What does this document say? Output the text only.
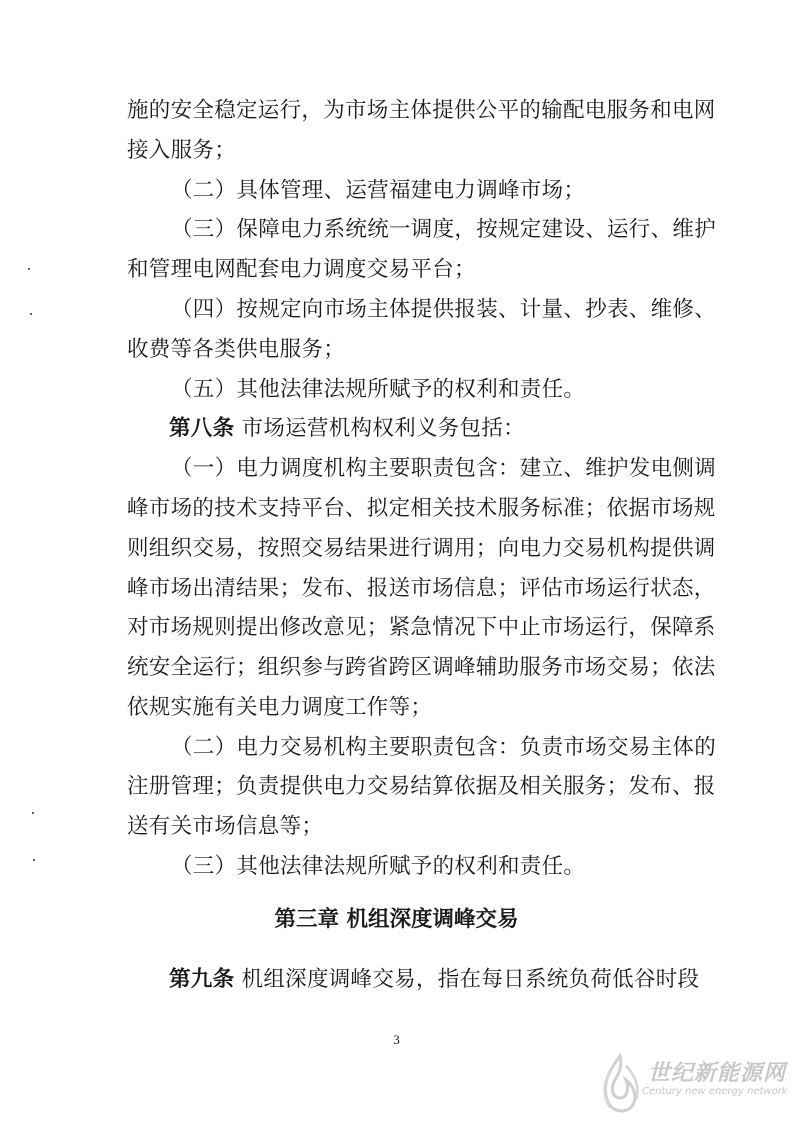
施的安全稳定运行，为市场主体提供公平的输配电服务和电网
接入服务；
（二）具体管理、运营福建电力调峰市场；
（三）保障电力系统统一调度，按规定建设、运行、维护
和管理电网配套电力调度交易平台；
（四）按规定向市场主体提供报装、计量、抄表、维修、
收费等各类供电服务；
（五）其他法律法规所赋予的权利和责任。
第八条 市场运营机构权利义务包括：
（一）电力调度机构主要职责包含：建立、维护发电侧调
峰市场的技术支持平台、拟定相关技术服务标准；依据市场规
则组织交易，按照交易结果进行调用；向电力交易机构提供调
峰市场出清结果；发布、报送市场信息；评估市场运行状态，
对市场规则提出修改意见；紧急情况下中止市场运行，保障系
统安全运行；组织参与跨省跨区调峰辅助服务市场交易；依法
依规实施有关电力调度工作等；
（二）电力交易机构主要职责包含：负责市场交易主体的
注册管理；负责提供电力交易结算依据及相关服务；发布、报
送有关市场信息等；
（三）其他法律法规所赋予的权利和责任。
第三章 机组深度调峰交易
第九条 机组深度调峰交易，指在每日系统负荷低谷时段
3
世纪新能源网
Century new energy network
